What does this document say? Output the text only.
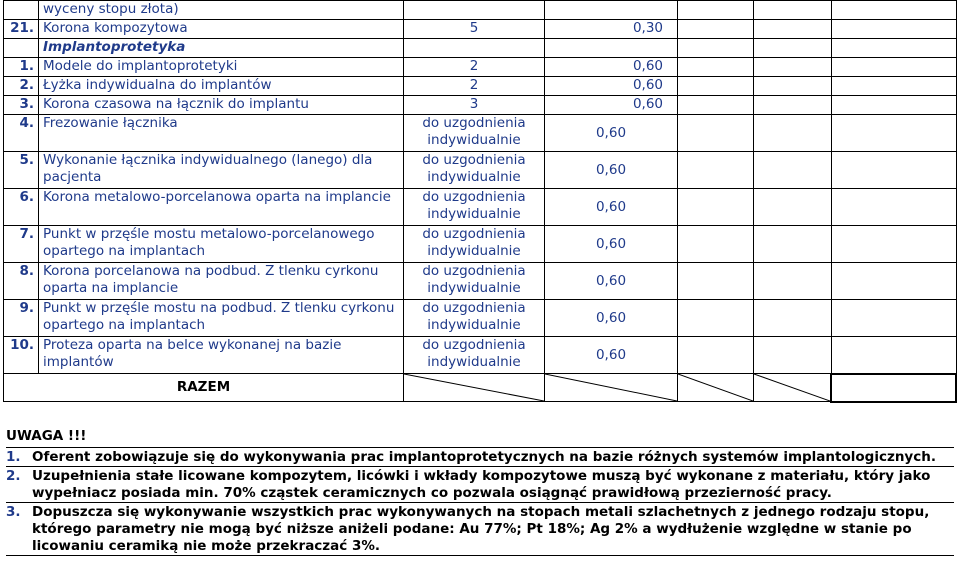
	wyceny stopu złota)					
21.	Korona kompozytowa	5	0,30			
	Implantoprotetyka					
1.	Modele do implantoprotetyki	2	0,60			
2.	Łyżka indywidualna do implantów	2	0,60			
3.	Korona czasowa na łącznik do implantu	3	0,60			
4.	Frezowanie łącznika	do uzgodnienia indywidualnie	0,60			
5.	Wykonanie łącznika indywidualnego (lanego) dla pacjenta	do uzgodnienia indywidualnie	0,60			
6.	Korona metalowo-porcelanowa oparta na implancie	do uzgodnienia indywidualnie	0,60			
7.	Punkt w przęśle mostu metalowo-porcelanowego opartego na implantach	do uzgodnienia indywidualnie	0,60			
8.	Korona porcelanowa na podbud. Z tlenku cyrkonu oparta na implancie	do uzgodnienia indywidualnie	0,60			
9.	Punkt w przęśle mostu na podbud. Z tlenku cyrkonu opartego na implantach	do uzgodnienia indywidualnie	0,60			
10.	Proteza oparta na belce wykonanej na bazie implantów	do uzgodnienia indywidualnie	0,60			
RAZEM	

UWAGA !!!
1. Oferent zobowiązuje się do wykonywania prac implantoprotetycznych na bazie różnych systemów implantologicznych.
2. Uzupełnienia stałe licowane kompozytem, licówki i wkłady kompozytowe muszą być wykonane z materiału, który jako wypełniacz posiada min. 70% cząstek ceramicznych co pozwala osiągnąć prawidłową przezierność pracy.
3. Dopuszcza się wykonywanie wszystkich prac wykonywanych na stopach metali szlachetnych z jednego rodzaju stopu, którego parametry nie mogą być niższe aniżeli podane: Au 77%; Pt 18%; Ag 2% a wydłużenie względne w stanie po licowaniu ceramiką nie może przekraczać 3%.
